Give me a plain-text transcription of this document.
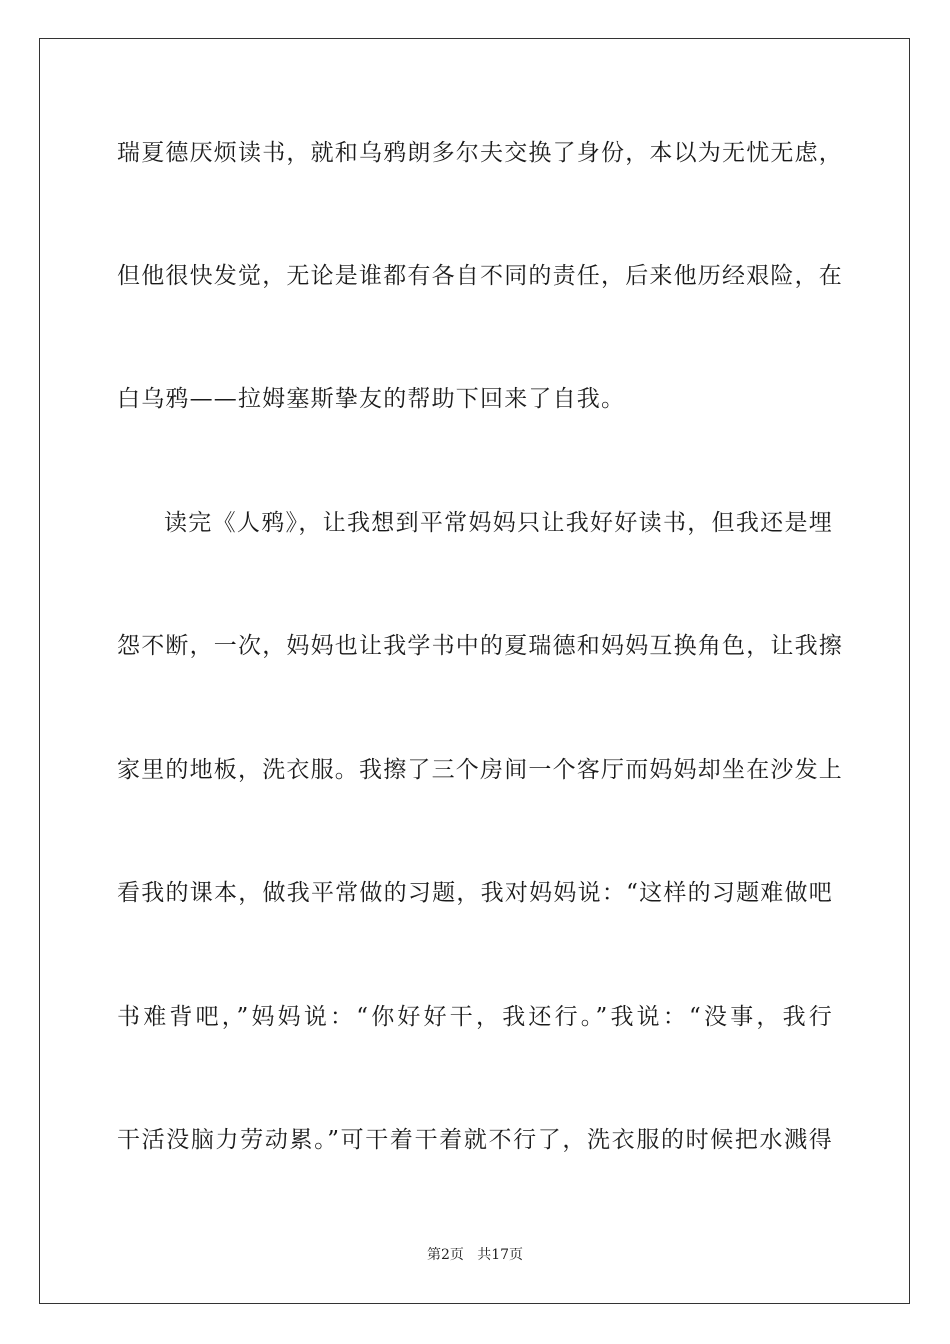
瑞夏德厌烦读书，就和乌鸦朗多尔夫交换了身份，本以为无忧无虑，
但他很快发觉，无论是谁都有各自不同的责任，后来他历经艰险，在
白乌鸦——拉姆塞斯挚友的帮助下回来了自我。
读完《人鸦》，让我想到平常妈妈只让我好好读书，但我还是埋
怨不断，一次，妈妈也让我学书中的夏瑞德和妈妈互换角色，让我擦
家里的地板，洗衣服。我擦了三个房间一个客厅而妈妈却坐在沙发上
看我的课本，做我平常做的习题，我对妈妈说：“这样的习题难做吧
书难背吧，”妈妈说：“你好好干，我还行。”我说：“没事，我行
干活没脑力劳动累。”可干着干着就不行了，洗衣服的时候把水溅得
第2页   共17页
